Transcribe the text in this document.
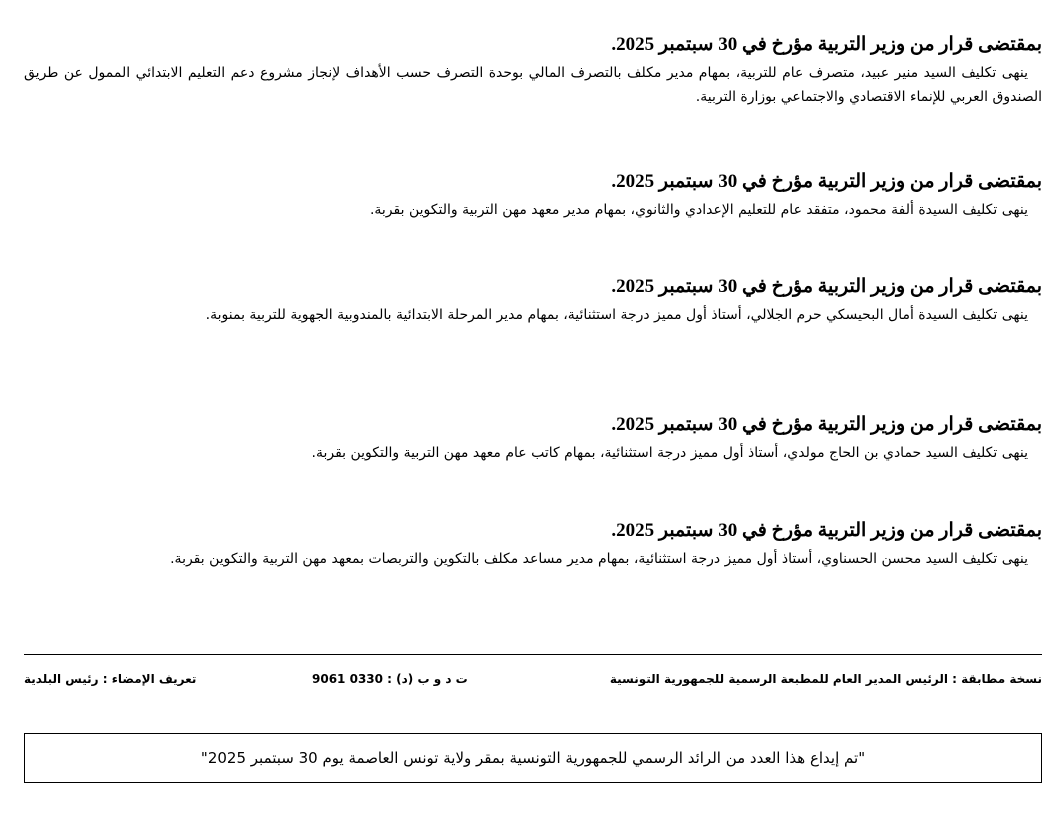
بمقتضى قرار من وزير التربية مؤرخ في 30 سبتمبر 2025.

ينهى تكليف السيد منير عبيد، متصرف عام للتربية، بمهام مدير مكلف بالتصرف المالي بوحدة التصرف حسب الأهداف لإنجاز مشروع دعم التعليم الابتدائي الممول عن طريق الصندوق العربي للإنماء الاقتصادي والاجتماعي بوزارة التربية.

بمقتضى قرار من وزير التربية مؤرخ في 30 سبتمبر 2025.

ينهى تكليف السيدة ألفة محمود، متفقد عام للتعليم الإعدادي والثانوي، بمهام مدير معهد مهن التربية والتكوين بقربة.

بمقتضى قرار من وزير التربية مؤرخ في 30 سبتمبر 2025.

ينهى تكليف السيدة أمال البحيسكي حرم الجلالي، أستاذ أول مميز درجة استثنائية، بمهام مدير المرحلة الابتدائية بالمندوبية الجهوية للتربية بمنوبة.

بمقتضى قرار من وزير التربية مؤرخ في 30 سبتمبر 2025.

ينهى تكليف السيد حمادي بن الحاج مولدي، أستاذ أول مميز درجة استثنائية، بمهام كاتب عام معهد مهن التربية والتكوين بقربة.

بمقتضى قرار من وزير التربية مؤرخ في 30 سبتمبر 2025.

ينهى تكليف السيد محسن الحسناوي، أستاذ أول مميز درجة استثنائية، بمهام مدير مساعد مكلف بالتكوين والتربصات بمعهد مهن التربية والتكوين بقربة.

نسخة مطابقة : الرئيس المدير العام للمطبعة الرسمية للجمهورية التونسية
ت د و ب (د) : 0330 9061
تعريف الإمضاء : رئيس البلدية
"تم إيداع هذا العدد من الرائد الرسمي للجمهورية التونسية بمقر ولاية تونس العاصمة يوم 30 سبتمبر 2025"
